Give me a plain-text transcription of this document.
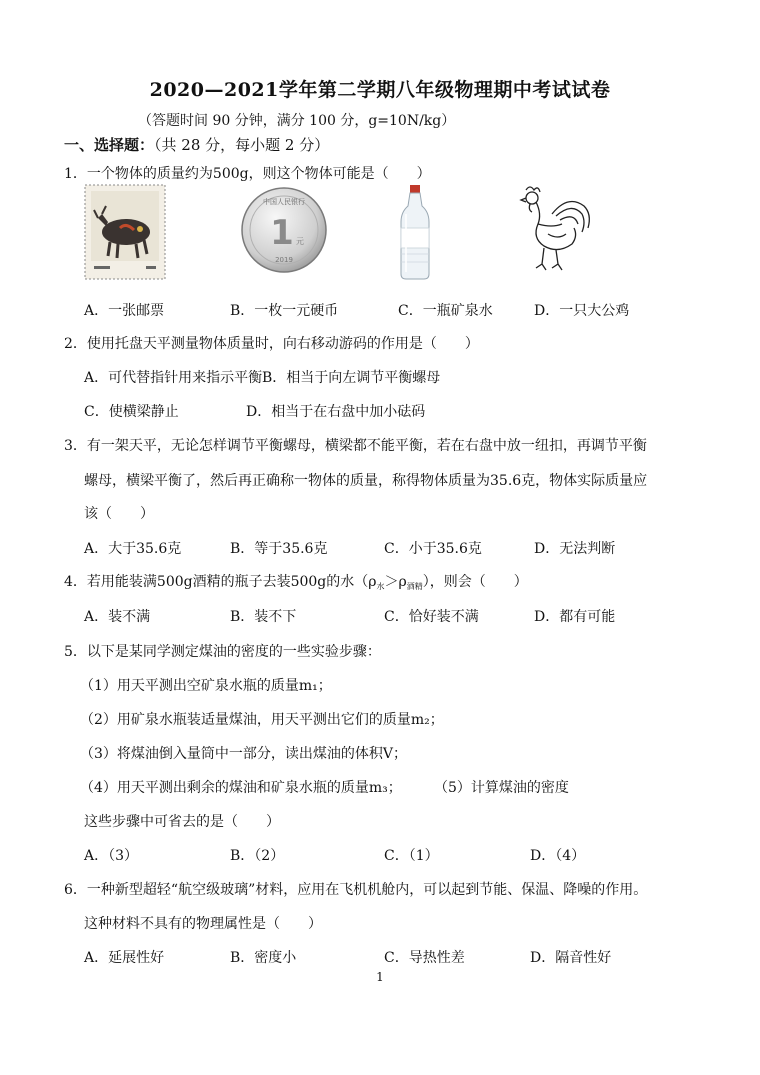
2020—2021学年第二学期八年级物理期中考试试卷
（答题时间 90 分钟，满分 100 分，g=10N/kg）
一、选择题：（共 28 分，每小题 2 分）
1．一个物体的质量约为500g，则这个物体可能是（　　）
中国人民银行
1 元
2019
A．一张邮票	B．一枚一元硬币	C．一瓶矿泉水	D．一只大公鸡
2．使用托盘天平测量物体质量时，向右移动游码的作用是（　　）
A．可代替指针用来指示平衡 B．相当于向左调节平衡螺母
C．使横梁静止	D．相当于在右盘中加小砝码
3．有一架天平，无论怎样调节平衡螺母，横梁都不能平衡，若在右盘中放一纽扣，再调节平衡
螺母，横梁平衡了，然后再正确称一物体的质量，称得物体质量为35.6克，物体实际质量应
该（　　）
A．大于35.6克	B．等于35.6克	C．小于35.6克	D．无法判断
4．若用能装满500g酒精的瓶子去装500g的水$(\rho_水>\rho_{酒精})$，则会（　　）
A．装不满	B．装不下	C．恰好装不满	D．都有可能
5．以下是某同学测定煤油的密度的一些实验步骤：
（1）用天平测出空矿泉水瓶的质量m₁；
（2）用矿泉水瓶装适量煤油，用天平测出它们的质量m₂；
（3）将煤油倒入量筒中一部分，读出煤油的体积V；
（4）用天平测出剩余的煤油和矿泉水瓶的质量m₃； （5）计算煤油的密度
这些步骤中可省去的是（　　）
A．（3）	B．（2）	C．（1）	D．（4）
6．一种新型超轻“航空级玻璃”材料，应用在飞机机舱内，可以起到节能、保温、降噪的作用。
这种材料不具有的物理属性是（　　）
A．延展性好	B．密度小	C．导热性差	D．隔音性好
1
